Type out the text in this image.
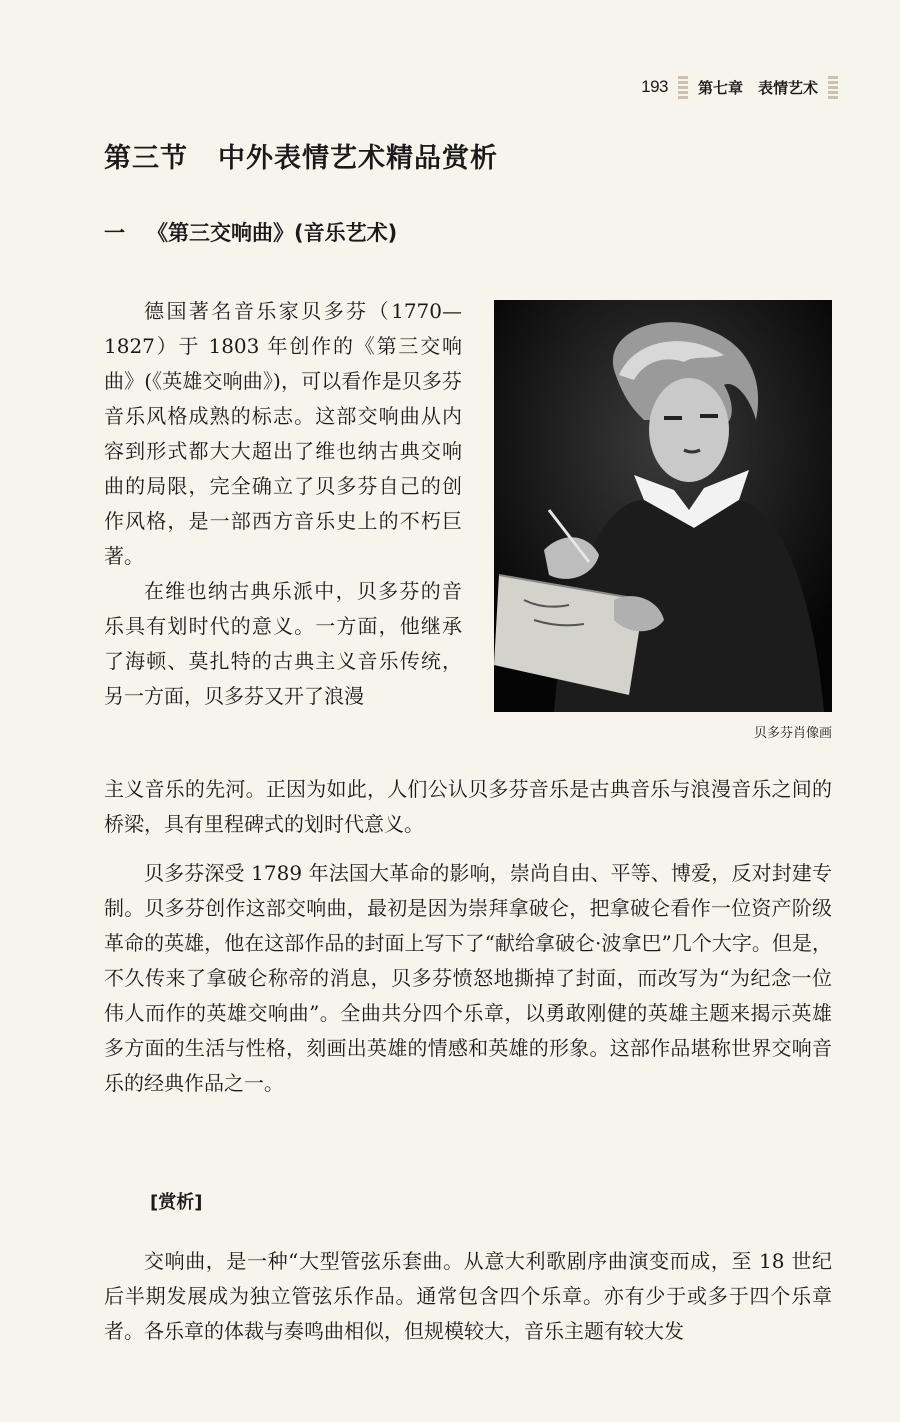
193 第七章　表情艺术
第三节 中外表情艺术精品赏析
一 《第三交响曲》(音乐艺术)
贝多芬肖像画

德国著名音乐家贝多芬（1770—1827）于 1803 年创作的《第三交响曲》(《英雄交响曲》)，可以看作是贝多芬音乐风格成熟的标志。这部交响曲从内容到形式都大大超出了维也纳古典交响曲的局限，完全确立了贝多芬自己的创作风格，是一部西方音乐史上的不朽巨著。

在维也纳古典乐派中，贝多芬的音乐具有划时代的意义。一方面，他继承了海顿、莫扎特的古典主义音乐传统，另一方面，贝多芬又开了浪漫

主义音乐的先河。正因为如此，人们公认贝多芬音乐是古典音乐与浪漫音乐之间的桥梁，具有里程碑式的划时代意义。

贝多芬深受 1789 年法国大革命的影响，崇尚自由、平等、博爱，反对封建专制。贝多芬创作这部交响曲，最初是因为崇拜拿破仑，把拿破仑看作一位资产阶级革命的英雄，他在这部作品的封面上写下了“献给拿破仑·波拿巴”几个大字。但是，不久传来了拿破仑称帝的消息，贝多芬愤怒地撕掉了封面，而改写为“为纪念一位伟人而作的英雄交响曲”。全曲共分四个乐章，以勇敢刚健的英雄主题来揭示英雄多方面的生活与性格，刻画出英雄的情感和英雄的形象。这部作品堪称世界交响音乐的经典作品之一。

[赏析]

交响曲，是一种“大型管弦乐套曲。从意大利歌剧序曲演变而成，至 18 世纪后半期发展成为独立管弦乐作品。通常包含四个乐章。亦有少于或多于四个乐章者。各乐章的体裁与奏鸣曲相似，但规模较大，音乐主题有较大发
